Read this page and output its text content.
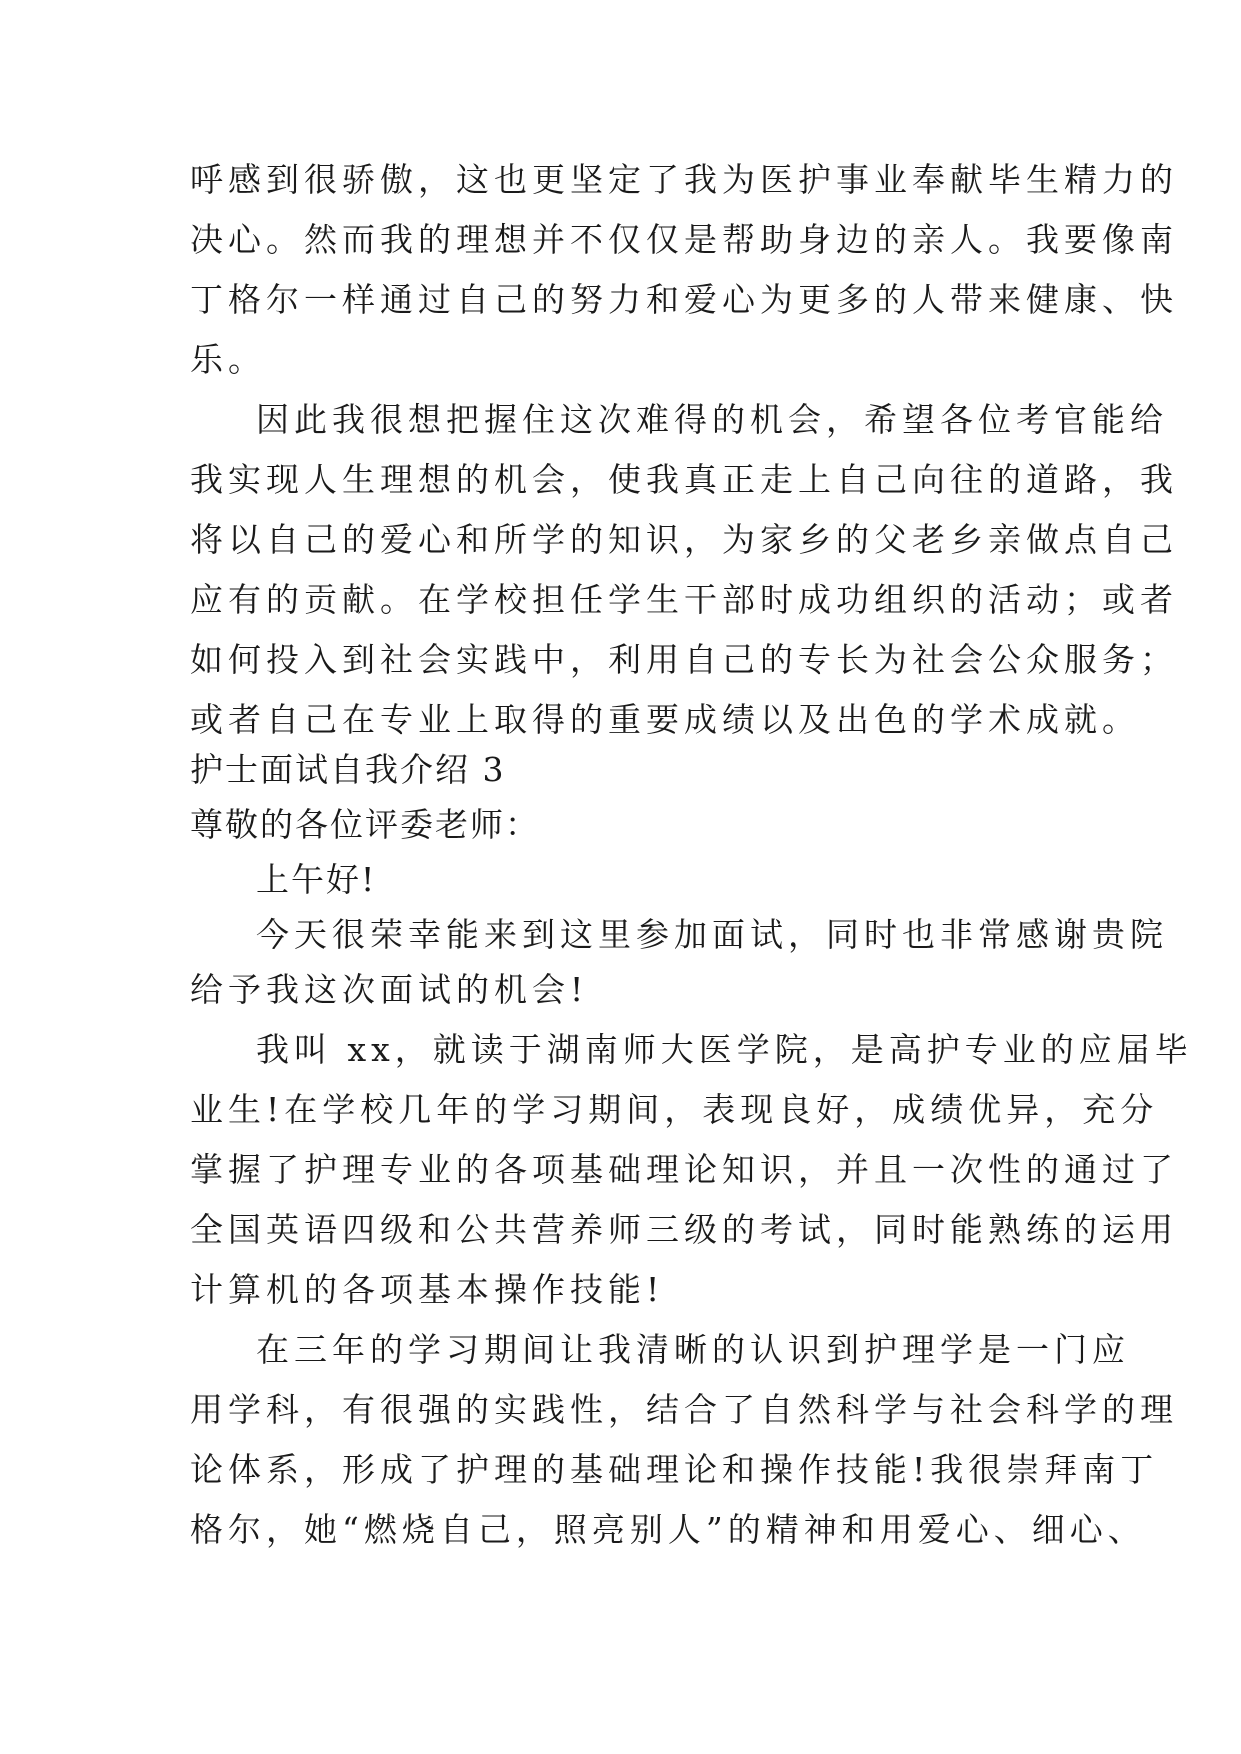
呼感到很骄傲，这也更坚定了我为医护事业奉献毕生精力的
决心。然而我的理想并不仅仅是帮助身边的亲人。我要像南
丁格尔一样通过自己的努力和爱心为更多的人带来健康、快
乐。
因此我很想把握住这次难得的机会，希望各位考官能给
我实现人生理想的机会，使我真正走上自己向往的道路，我
将以自己的爱心和所学的知识，为家乡的父老乡亲做点自己
应有的贡献。在学校担任学生干部时成功组织的活动；或者
如何投入到社会实践中，利用自己的专长为社会公众服务；
或者自己在专业上取得的重要成绩以及出色的学术成就。
护士面试自我介绍 3
尊敬的各位评委老师：
上午好!
今天很荣幸能来到这里参加面试，同时也非常感谢贵院
给予我这次面试的机会!
我叫 xx，就读于湖南师大医学院，是高护专业的应届毕
业生!在学校几年的学习期间，表现良好，成绩优异，充分
掌握了护理专业的各项基础理论知识，并且一次性的通过了
全国英语四级和公共营养师三级的考试，同时能熟练的运用
计算机的各项基本操作技能!
在三年的学习期间让我清晰的认识到护理学是一门应
用学科，有很强的实践性，结合了自然科学与社会科学的理
论体系，形成了护理的基础理论和操作技能!我很崇拜南丁
格尔，她“燃烧自己，照亮别人”的精神和用爱心、细心、
